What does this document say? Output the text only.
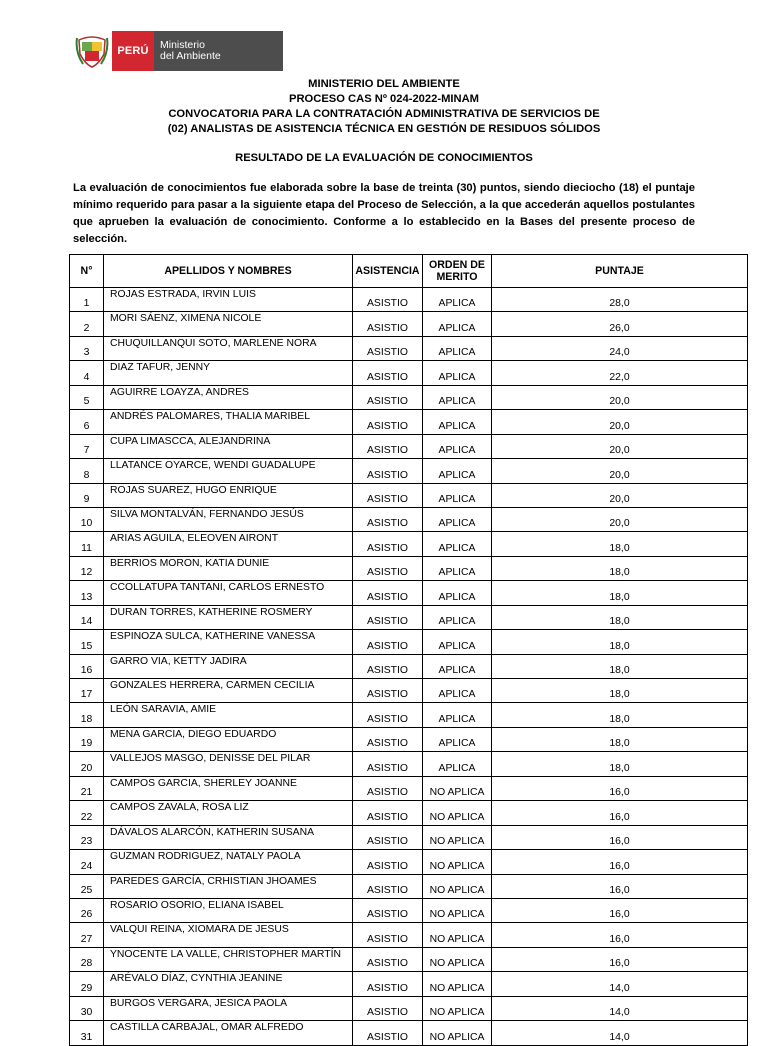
PERÚ	Ministerio
del Ambiente
MINISTERIO DEL AMBIENTE
PROCESO CAS Nº 024-2022-MINAM
CONVOCATORIA PARA LA CONTRATACIÓN ADMINISTRATIVA DE SERVICIOS DE
(02) ANALISTAS DE ASISTENCIA TÉCNICA EN GESTIÓN DE RESIDUOS SÓLIDOS
RESULTADO DE LA EVALUACIÓN DE CONOCIMIENTOS
La evaluación de conocimientos fue elaborada sobre la base de treinta (30) puntos, siendo dieciocho (18) el puntaje mínimo requerido para pasar a la siguiente etapa del Proceso de Selección, a la que accederán aquellos postulantes que aprueben la evaluación de conocimiento. Conforme a lo establecido en la Bases del presente proceso de selección.
N°	APELLIDOS Y NOMBRES	ASISTENCIA	ORDEN DE MERITO	PUNTAJE
1	ROJAS ESTRADA, IRVIN LUIS	ASISTIO	APLICA	28,0
2	MORI SÁENZ, XIMENA NICOLE	ASISTIO	APLICA	26,0
3	CHUQUILLANQUI SOTO, MARLENE NORA	ASISTIO	APLICA	24,0
4	DIAZ TAFUR, JENNY	ASISTIO	APLICA	22,0
5	AGUIRRE LOAYZA, ANDRES	ASISTIO	APLICA	20,0
6	ANDRÉS PALOMARES, THALIA MARIBEL	ASISTIO	APLICA	20,0
7	CUPA LIMASCCA, ALEJANDRINA	ASISTIO	APLICA	20,0
8	LLATANCE OYARCE, WENDI GUADALUPE	ASISTIO	APLICA	20,0
9	ROJAS SUAREZ, HUGO ENRIQUE	ASISTIO	APLICA	20,0
10	SILVA MONTALVÁN, FERNANDO JESÚS	ASISTIO	APLICA	20,0
11	ARIAS AGUILA, ELEOVEN AIRONT	ASISTIO	APLICA	18,0
12	BERRIOS MORON, KATIA DUNIE	ASISTIO	APLICA	18,0
13	CCOLLATUPA TANTANI, CARLOS ERNESTO	ASISTIO	APLICA	18,0
14	DURAN TORRES, KATHERINE ROSMERY	ASISTIO	APLICA	18,0
15	ESPINOZA SULCA, KATHERINE VANESSA	ASISTIO	APLICA	18,0
16	GARRO VIA, KETTY JADIRA	ASISTIO	APLICA	18,0
17	GONZALES HERRERA, CARMEN CECILIA	ASISTIO	APLICA	18,0
18	LEÓN SARAVIA, AMIE	ASISTIO	APLICA	18,0
19	MENA GARCIA, DIEGO EDUARDO	ASISTIO	APLICA	18,0
20	VALLEJOS MASGO, DENISSE DEL PILAR	ASISTIO	APLICA	18,0
21	CAMPOS GARCIA, SHERLEY JOANNE	ASISTIO	NO APLICA	16,0
22	CAMPOS ZAVALA, ROSA LIZ	ASISTIO	NO APLICA	16,0
23	DÁVALOS ALARCÓN, KATHERIN SUSANA	ASISTIO	NO APLICA	16,0
24	GUZMAN RODRIGUEZ, NATALY PAOLA	ASISTIO	NO APLICA	16,0
25	PAREDES GARCÍA, CRHISTIAN JHOAMES	ASISTIO	NO APLICA	16,0
26	ROSARIO OSORIO, ELIANA ISABEL	ASISTIO	NO APLICA	16,0
27	VALQUI REINA, XIOMARA DE JESUS	ASISTIO	NO APLICA	16,0
28	YNOCENTE LA VALLE, CHRISTOPHER MARTÍN	ASISTIO	NO APLICA	16,0
29	ARÉVALO DÍAZ, CYNTHIA JEANINE	ASISTIO	NO APLICA	14,0
30	BURGOS VERGARA, JESICA PAOLA	ASISTIO	NO APLICA	14,0
31	CASTILLA CARBAJAL, OMAR ALFREDO	ASISTIO	NO APLICA	14,0
